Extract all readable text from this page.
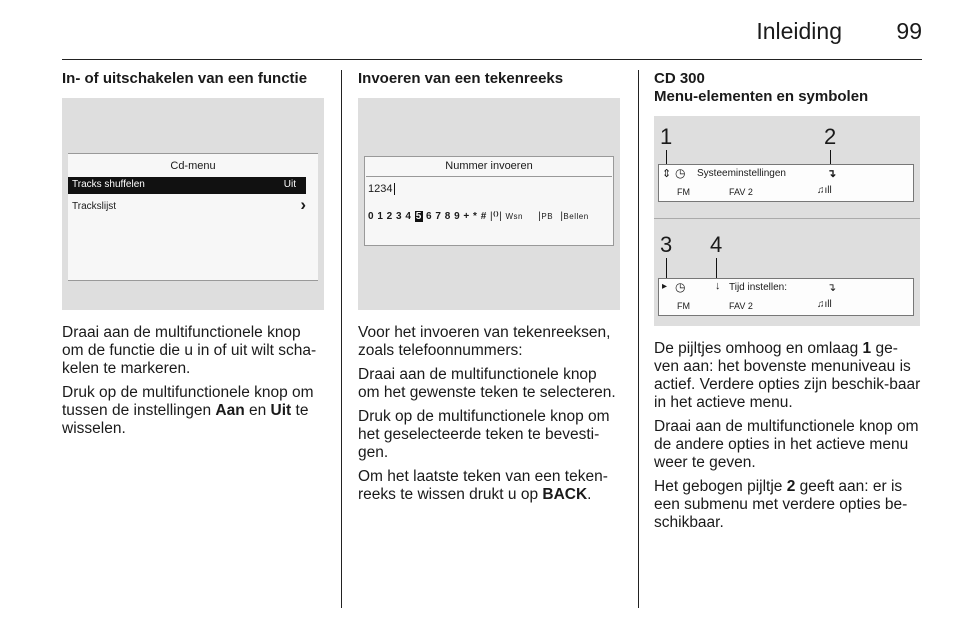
Inleiding 99
In- of uitschakelen van een functie
Cd-menu
Tracks shuffelen	Uit
Trackslijst	›

Draai aan de multifunctionele knop om de functie die u in of uit wilt scha-kelen te markeren.

Druk op de multifunctionele knop om tussen de instellingen Aan en Uit te wisselen.

Invoeren van een tekenreeks
Nummer invoeren
1234
0 1 2 3 4 5 6 7 8 9 + * # |⁽⁾| Wsn |PB |Bellen

Voor het invoeren van tekenreeksen, zoals telefoonnummers:

Draai aan de multifunctionele knop om het gewenste teken te selecteren.

Druk op de multifunctionele knop om het geselecteerde teken te bevesti-gen.

Om het laatste teken van een teken-reeks te wissen drukt u op BACK.

CD 300
Menu-elementen en symbolen
1	2
⇕ ◷ Systeeminstellingen	↴
FM	FAV 2	♫ıll
3 4
▸ ◷	↓ Tijd instellen:	↴
FM	FAV 2	♫ıll

De pijltjes omhoog en omlaag 1 ge-ven aan: het bovenste menuniveau is actief. Verdere opties zijn beschik-baar in het actieve menu.

Draai aan de multifunctionele knop om de andere opties in het actieve menu weer te geven.

Het gebogen pijltje 2 geeft aan: er is een submenu met verdere opties be-schikbaar.
